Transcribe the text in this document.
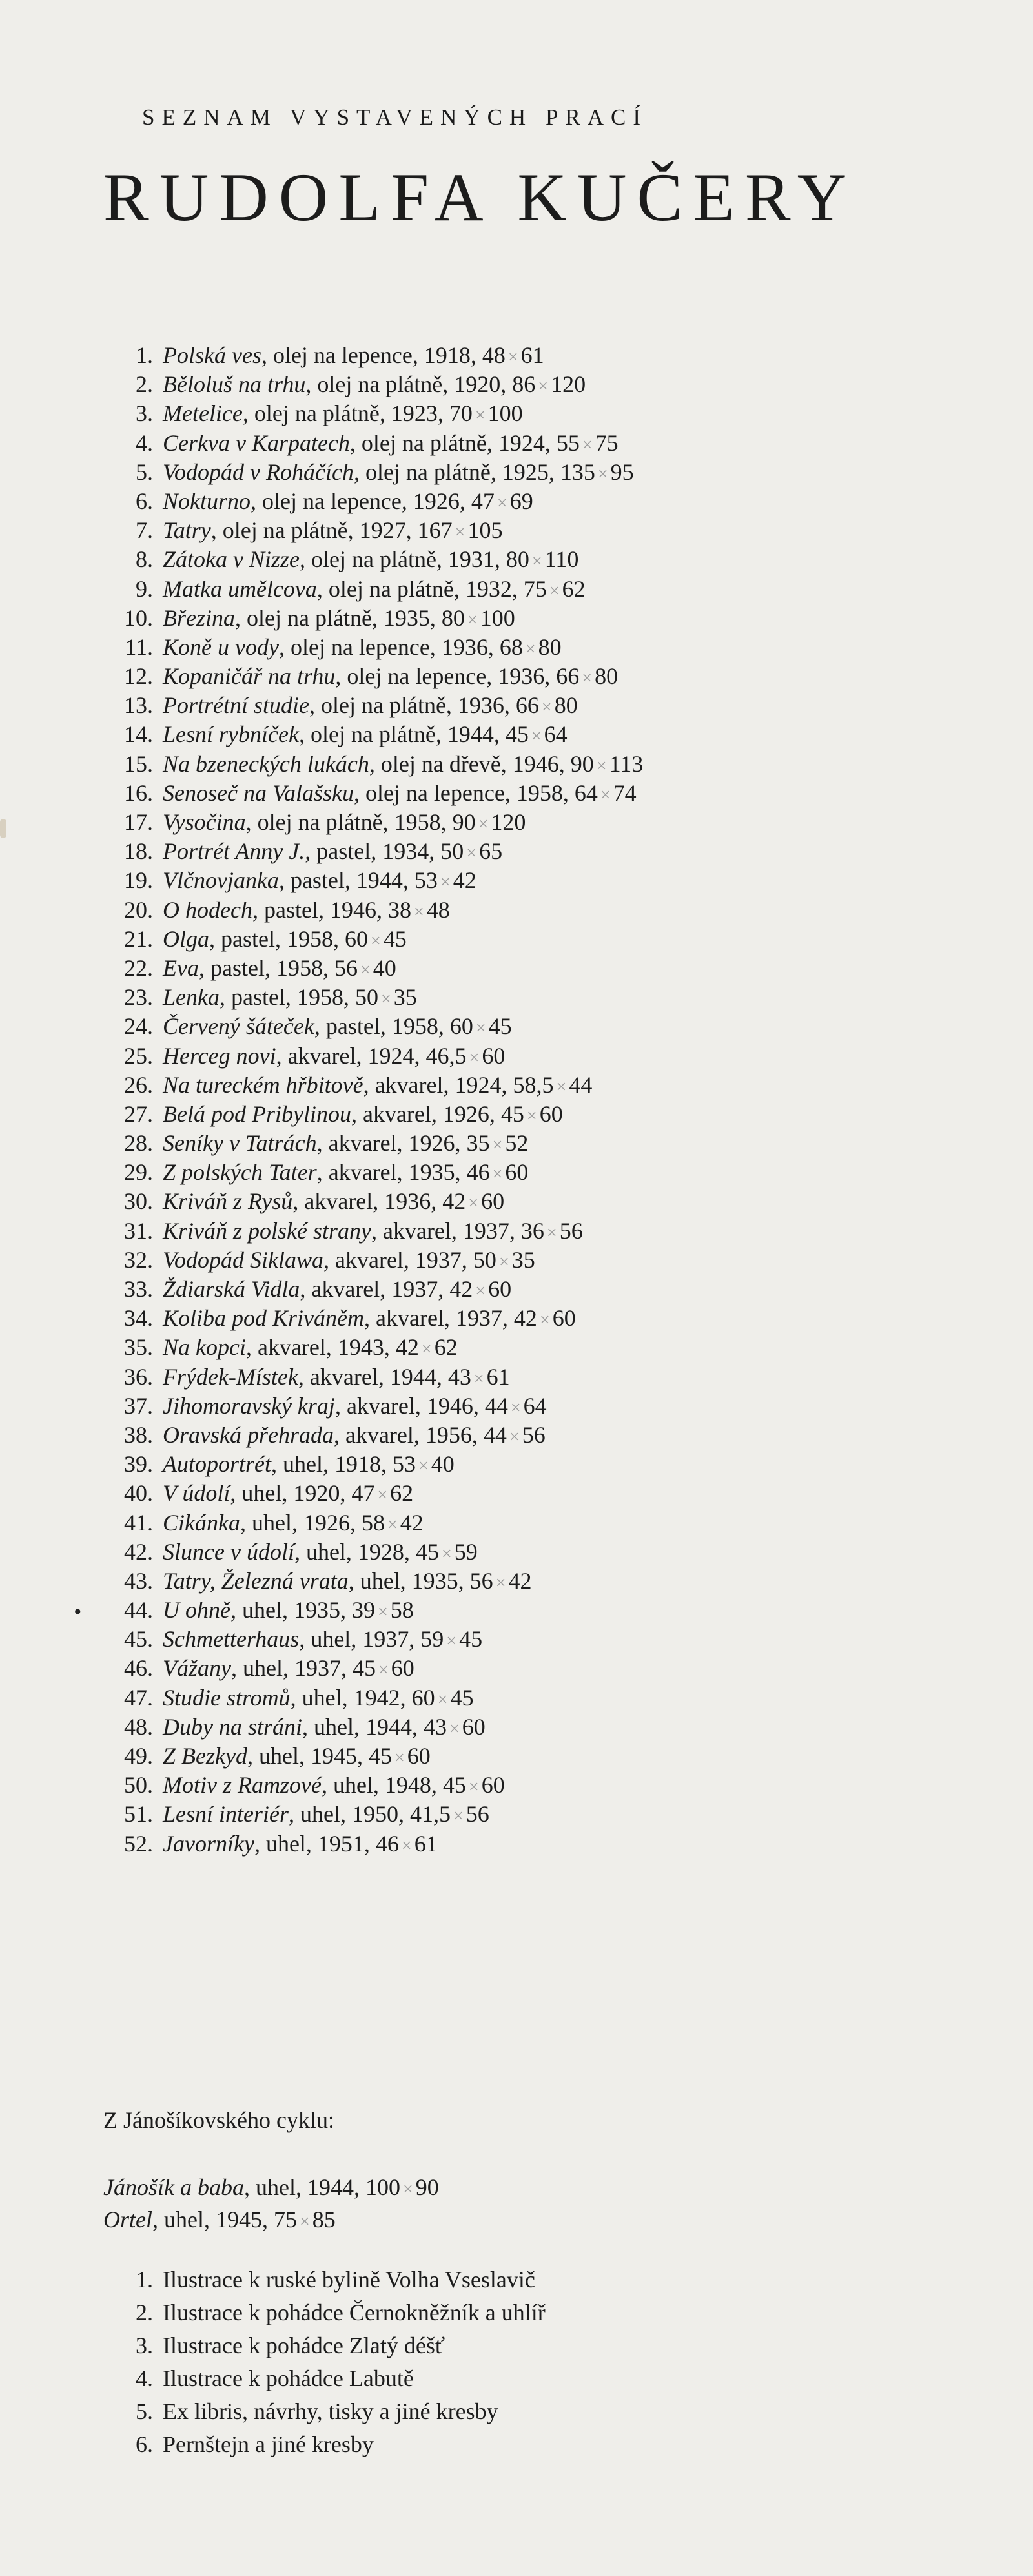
SEZNAM VYSTAVENÝCH PRACÍ
RUDOLFA KUČERY
•
1. Polská ves, olej na lepence, 1918, 48 × 61
2. Běloluš na trhu, olej na plátně, 1920, 86 × 120
3. Metelice, olej na plátně, 1923, 70 × 100
4. Cerkva v Karpatech, olej na plátně, 1924, 55 × 75
5. Vodopád v Roháčích, olej na plátně, 1925, 135 × 95
6. Nokturno, olej na lepence, 1926, 47 × 69
7. Tatry, olej na plátně, 1927, 167 × 105
8. Zátoka v Nizze, olej na plátně, 1931, 80 × 110
9. Matka umělcova, olej na plátně, 1932, 75 × 62
10. Březina, olej na plátně, 1935, 80 × 100
11. Koně u vody, olej na lepence, 1936, 68 × 80
12. Kopaničář na trhu, olej na lepence, 1936, 66 × 80
13. Portrétní studie, olej na plátně, 1936, 66 × 80
14. Lesní rybníček, olej na plátně, 1944, 45 × 64
15. Na bzeneckých lukách, olej na dřevě, 1946, 90 × 113
16. Senoseč na Valašsku, olej na lepence, 1958, 64 × 74
17. Vysočina, olej na plátně, 1958, 90 × 120
18. Portrét Anny J., pastel, 1934, 50 × 65
19. Vlčnovjanka, pastel, 1944, 53 × 42
20. O hodech, pastel, 1946, 38 × 48
21. Olga, pastel, 1958, 60 × 45
22. Eva, pastel, 1958, 56 × 40
23. Lenka, pastel, 1958, 50 × 35
24. Červený šáteček, pastel, 1958, 60 × 45
25. Herceg novi, akvarel, 1924, 46,5 × 60
26. Na tureckém hřbitově, akvarel, 1924, 58,5 × 44
27. Belá pod Pribylinou, akvarel, 1926, 45 × 60
28. Seníky v Tatrách, akvarel, 1926, 35 × 52
29. Z polských Tater, akvarel, 1935, 46 × 60
30. Kriváň z Rysů, akvarel, 1936, 42 × 60
31. Kriváň z polské strany, akvarel, 1937, 36 × 56
32. Vodopád Siklawa, akvarel, 1937, 50 × 35
33. Ždiarská Vidla, akvarel, 1937, 42 × 60
34. Koliba pod Kriváněm, akvarel, 1937, 42 × 60
35. Na kopci, akvarel, 1943, 42 × 62
36. Frýdek-Místek, akvarel, 1944, 43 × 61
37. Jihomoravský kraj, akvarel, 1946, 44 × 64
38. Oravská přehrada, akvarel, 1956, 44 × 56
39. Autoportrét, uhel, 1918, 53 × 40
40. V údolí, uhel, 1920, 47 × 62
41. Cikánka, uhel, 1926, 58 × 42
42. Slunce v údolí, uhel, 1928, 45 × 59
43. Tatry, Železná vrata, uhel, 1935, 56 × 42
44. U ohně, uhel, 1935, 39 × 58
45. Schmetterhaus, uhel, 1937, 59 × 45
46. Vážany, uhel, 1937, 45 × 60
47. Studie stromů, uhel, 1942, 60 × 45
48. Duby na stráni, uhel, 1944, 43 × 60
49. Z Bezkyd, uhel, 1945, 45 × 60
50. Motiv z Ramzové, uhel, 1948, 45 × 60
51. Lesní interiér, uhel, 1950, 41,5 × 56
52. Javorníky, uhel, 1951, 46 × 61
Z Jánošíkovského cyklu:
Jánošík a baba, uhel, 1944, 100 × 90
Ortel, uhel, 1945, 75 × 85
1. Ilustrace k ruské bylině Volha Vseslavič
2. Ilustrace k pohádce Černokněžník a uhlíř
3. Ilustrace k pohádce Zlatý déšť
4. Ilustrace k pohádce Labutě
5. Ex libris, návrhy, tisky a jiné kresby
6. Pernštejn a jiné kresby
